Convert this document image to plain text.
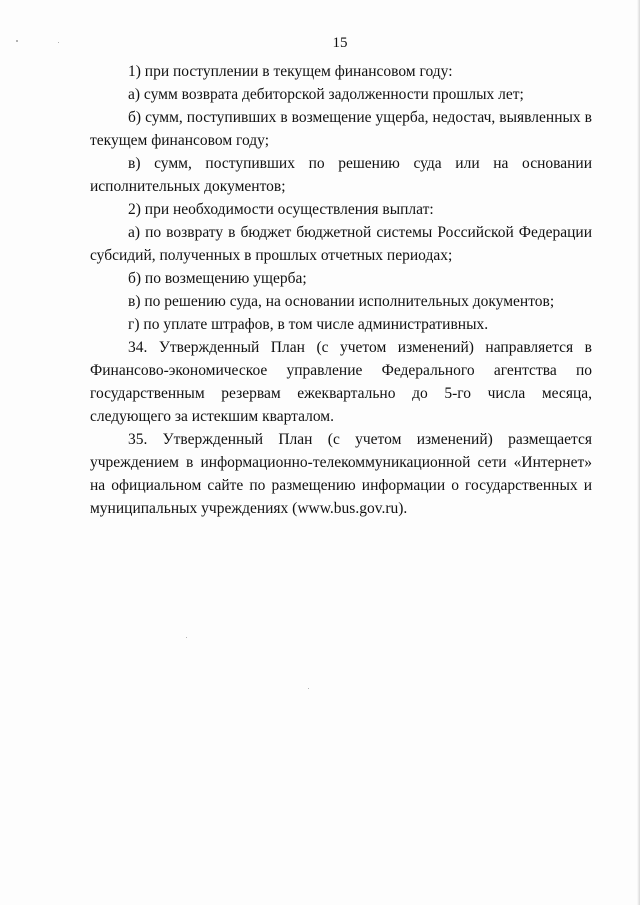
15

1) при поступлении в текущем финансовом году:

а) сумм возврата дебиторской задолженности прошлых лет;

б) сумм, поступивших в возмещение ущерба, недостач, выявленных в текущем финансовом году;

в) сумм, поступивших по решению суда или на основании исполнительных документов;

2) при необходимости осуществления выплат:

а) по возврату в бюджет бюджетной системы Российской Федерации субсидий, полученных в прошлых отчетных периодах;

б) по возмещению ущерба;

в) по решению суда, на основании исполнительных документов;

г) по уплате штрафов, в том числе административных.

34. Утвержденный План (с учетом изменений) направляется в Финансово-экономическое управление Федерального агентства по государственным резервам ежеквартально до 5-го числа месяца, следующего за истекшим кварталом.

35. Утвержденный План (с учетом изменений) размещается учреждением в информационно-телекоммуникационной сети «Интернет» на официальном сайте по размещению информации о государственных и муниципальных учреждениях (www.bus.gov.ru).
